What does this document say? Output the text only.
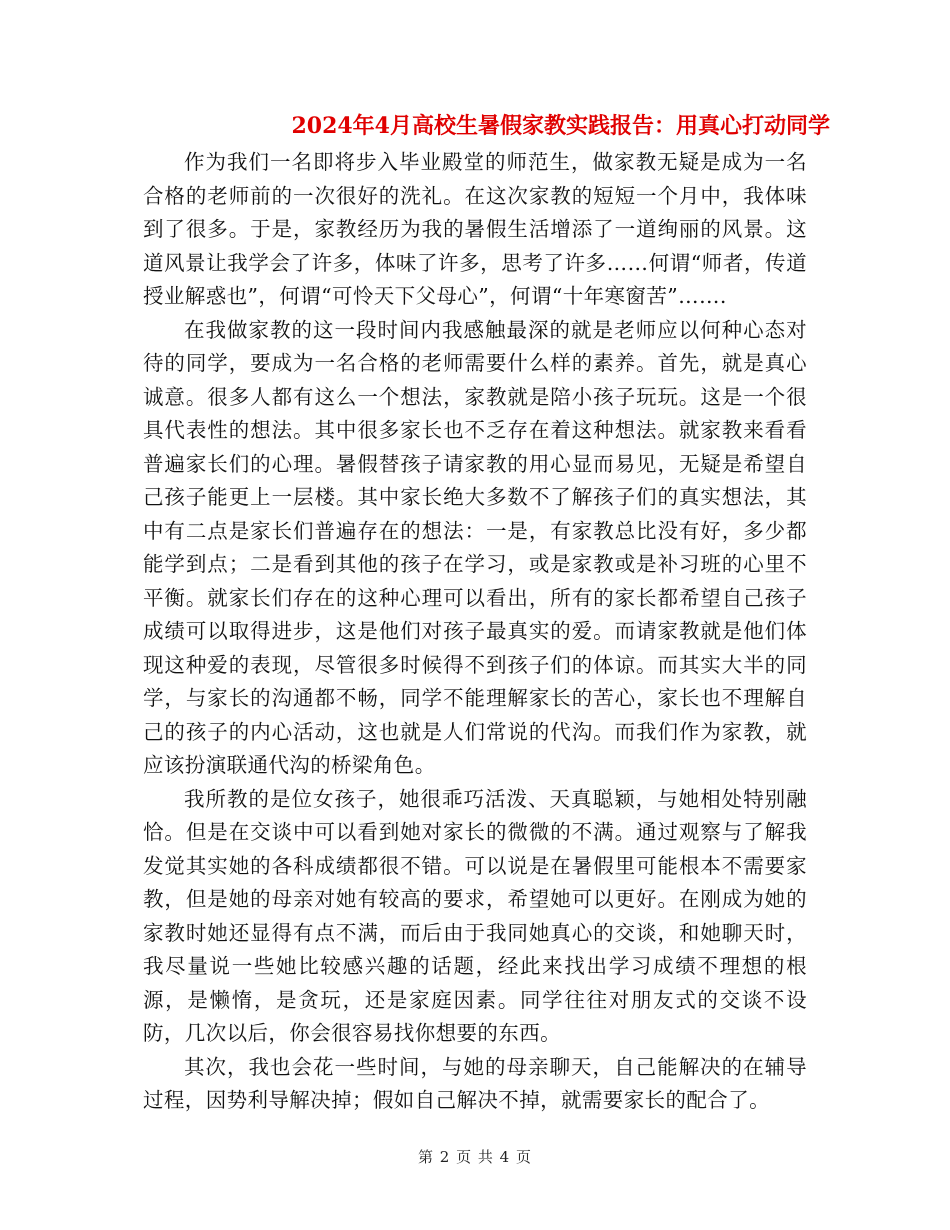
2024年4月高校生暑假家教实践报告：用真心打动同学

作为我们一名即将步入毕业殿堂的师范生，做家教无疑是成为一名合格的老师前的一次很好的洗礼。在这次家教的短短一个月中，我体味到了很多。于是，家教经历为我的暑假生活增添了一道绚丽的风景。这道风景让我学会了许多，体味了许多，思考了许多……何谓“师者，传道授业解惑也”，何谓“可怜天下父母心”，何谓“十年寒窗苦”…….

在我做家教的这一段时间内我感触最深的就是老师应以何种心态对待的同学，要成为一名合格的老师需要什么样的素养。首先，就是真心诚意。很多人都有这么一个想法，家教就是陪小孩子玩玩。这是一个很具代表性的想法。其中很多家长也不乏存在着这种想法。就家教来看看普遍家长们的心理。暑假替孩子请家教的用心显而易见，无疑是希望自己孩子能更上一层楼。其中家长绝大多数不了解孩子们的真实想法，其中有二点是家长们普遍存在的想法：一是，有家教总比没有好，多少都能学到点；二是看到其他的孩子在学习，或是家教或是补习班的心里不平衡。就家长们存在的这种心理可以看出，所有的家长都希望自己孩子成绩可以取得进步，这是他们对孩子最真实的爱。而请家教就是他们体现这种爱的表现，尽管很多时候得不到孩子们的体谅。而其实大半的同学，与家长的沟通都不畅，同学不能理解家长的苦心，家长也不理解自己的孩子的内心活动，这也就是人们常说的代沟。而我们作为家教，就应该扮演联通代沟的桥梁角色。

我所教的是位女孩子，她很乖巧活泼、天真聪颖，与她相处特别融恰。但是在交谈中可以看到她对家长的微微的不满。通过观察与了解我发觉其实她的各科成绩都很不错。可以说是在暑假里可能根本不需要家教，但是她的母亲对她有较高的要求，希望她可以更好。在刚成为她的家教时她还显得有点不满，而后由于我同她真心的交谈，和她聊天时，我尽量说一些她比较感兴趣的话题，经此来找出学习成绩不理想的根源，是懒惰，是贪玩，还是家庭因素。同学往往对朋友式的交谈不设防，几次以后，你会很容易找你想要的东西。

其次，我也会花一些时间，与她的母亲聊天，自己能解决的在辅导过程，因势利导解决掉；假如自己解决不掉，就需要家长的配合了。

第 2 页 共 4 页
